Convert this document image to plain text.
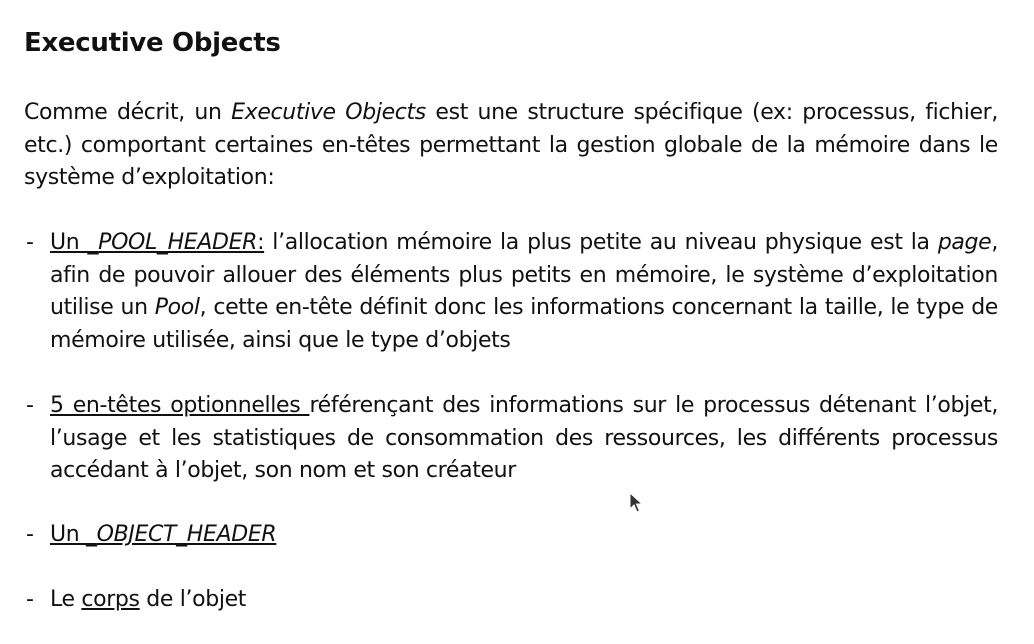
Executive Objects

Comme décrit, un Executive Objects est une structure spécifique (ex: processus, fichier, etc.) comportant certaines en-têtes permettant la gestion globale de la mémoire dans le système d’exploitation:

- Un _POOL_HEADER: l’allocation mémoire la plus petite au niveau physique est la page, afin de pouvoir allouer des éléments plus petits en mémoire, le système d’exploitation utilise un Pool, cette en-tête définit donc les informations concernant la taille, le type de mémoire utilisée, ainsi que le type d’objets
- 5 en-têtes optionnelles référençant des informations sur le processus détenant l’objet, l’usage et les statistiques de consommation des ressources, les différents processus accédant à l’objet, son nom et son créateur
- Un _OBJECT_HEADER
- Le corps de l’objet
